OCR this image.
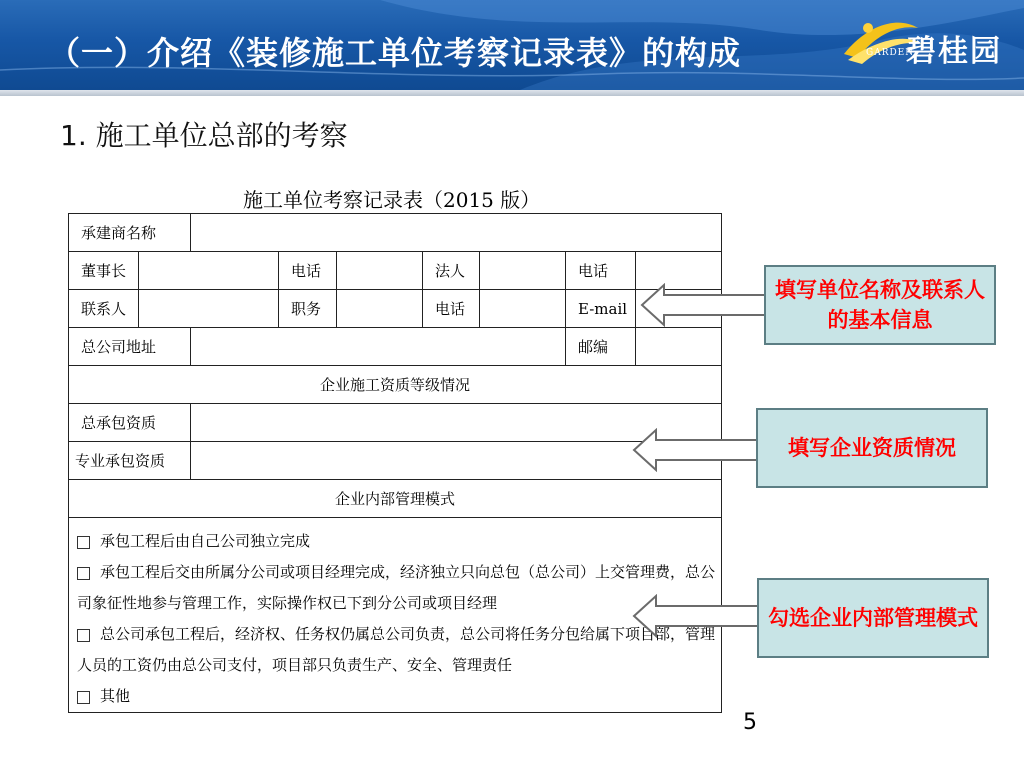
（一）介绍《装修施工单位考察记录表》的构成	GARDEN
碧桂园
1. 施工单位总部的考察
施工单位考察记录表（2015 版）
承建商名称								
董事长			电话		法人		电话	
联系人			职务		电话		E-mail	
总公司地址							邮编	
企业施工资质等级情况								
总承包资质								
专业承包资质								
企业内部管理模式								

承包工程后由自己公司独立完成
承包工程后交由所属分公司或项目经理完成，经济独立只向总包（总公司）上交管理费，总公司象征性地参与管理工作，实际操作权已下到分公司或项目经理
总公司承包工程后，经济权、任务权仍属总公司负责，总公司将任务分包给属下项目部，管理人员的工资仍由总公司支付，项目部只负责生产、安全、管理责任
其他								
填写单位名称及联系人的基本信息
填写企业资质情况
勾选企业内部管理模式
5
